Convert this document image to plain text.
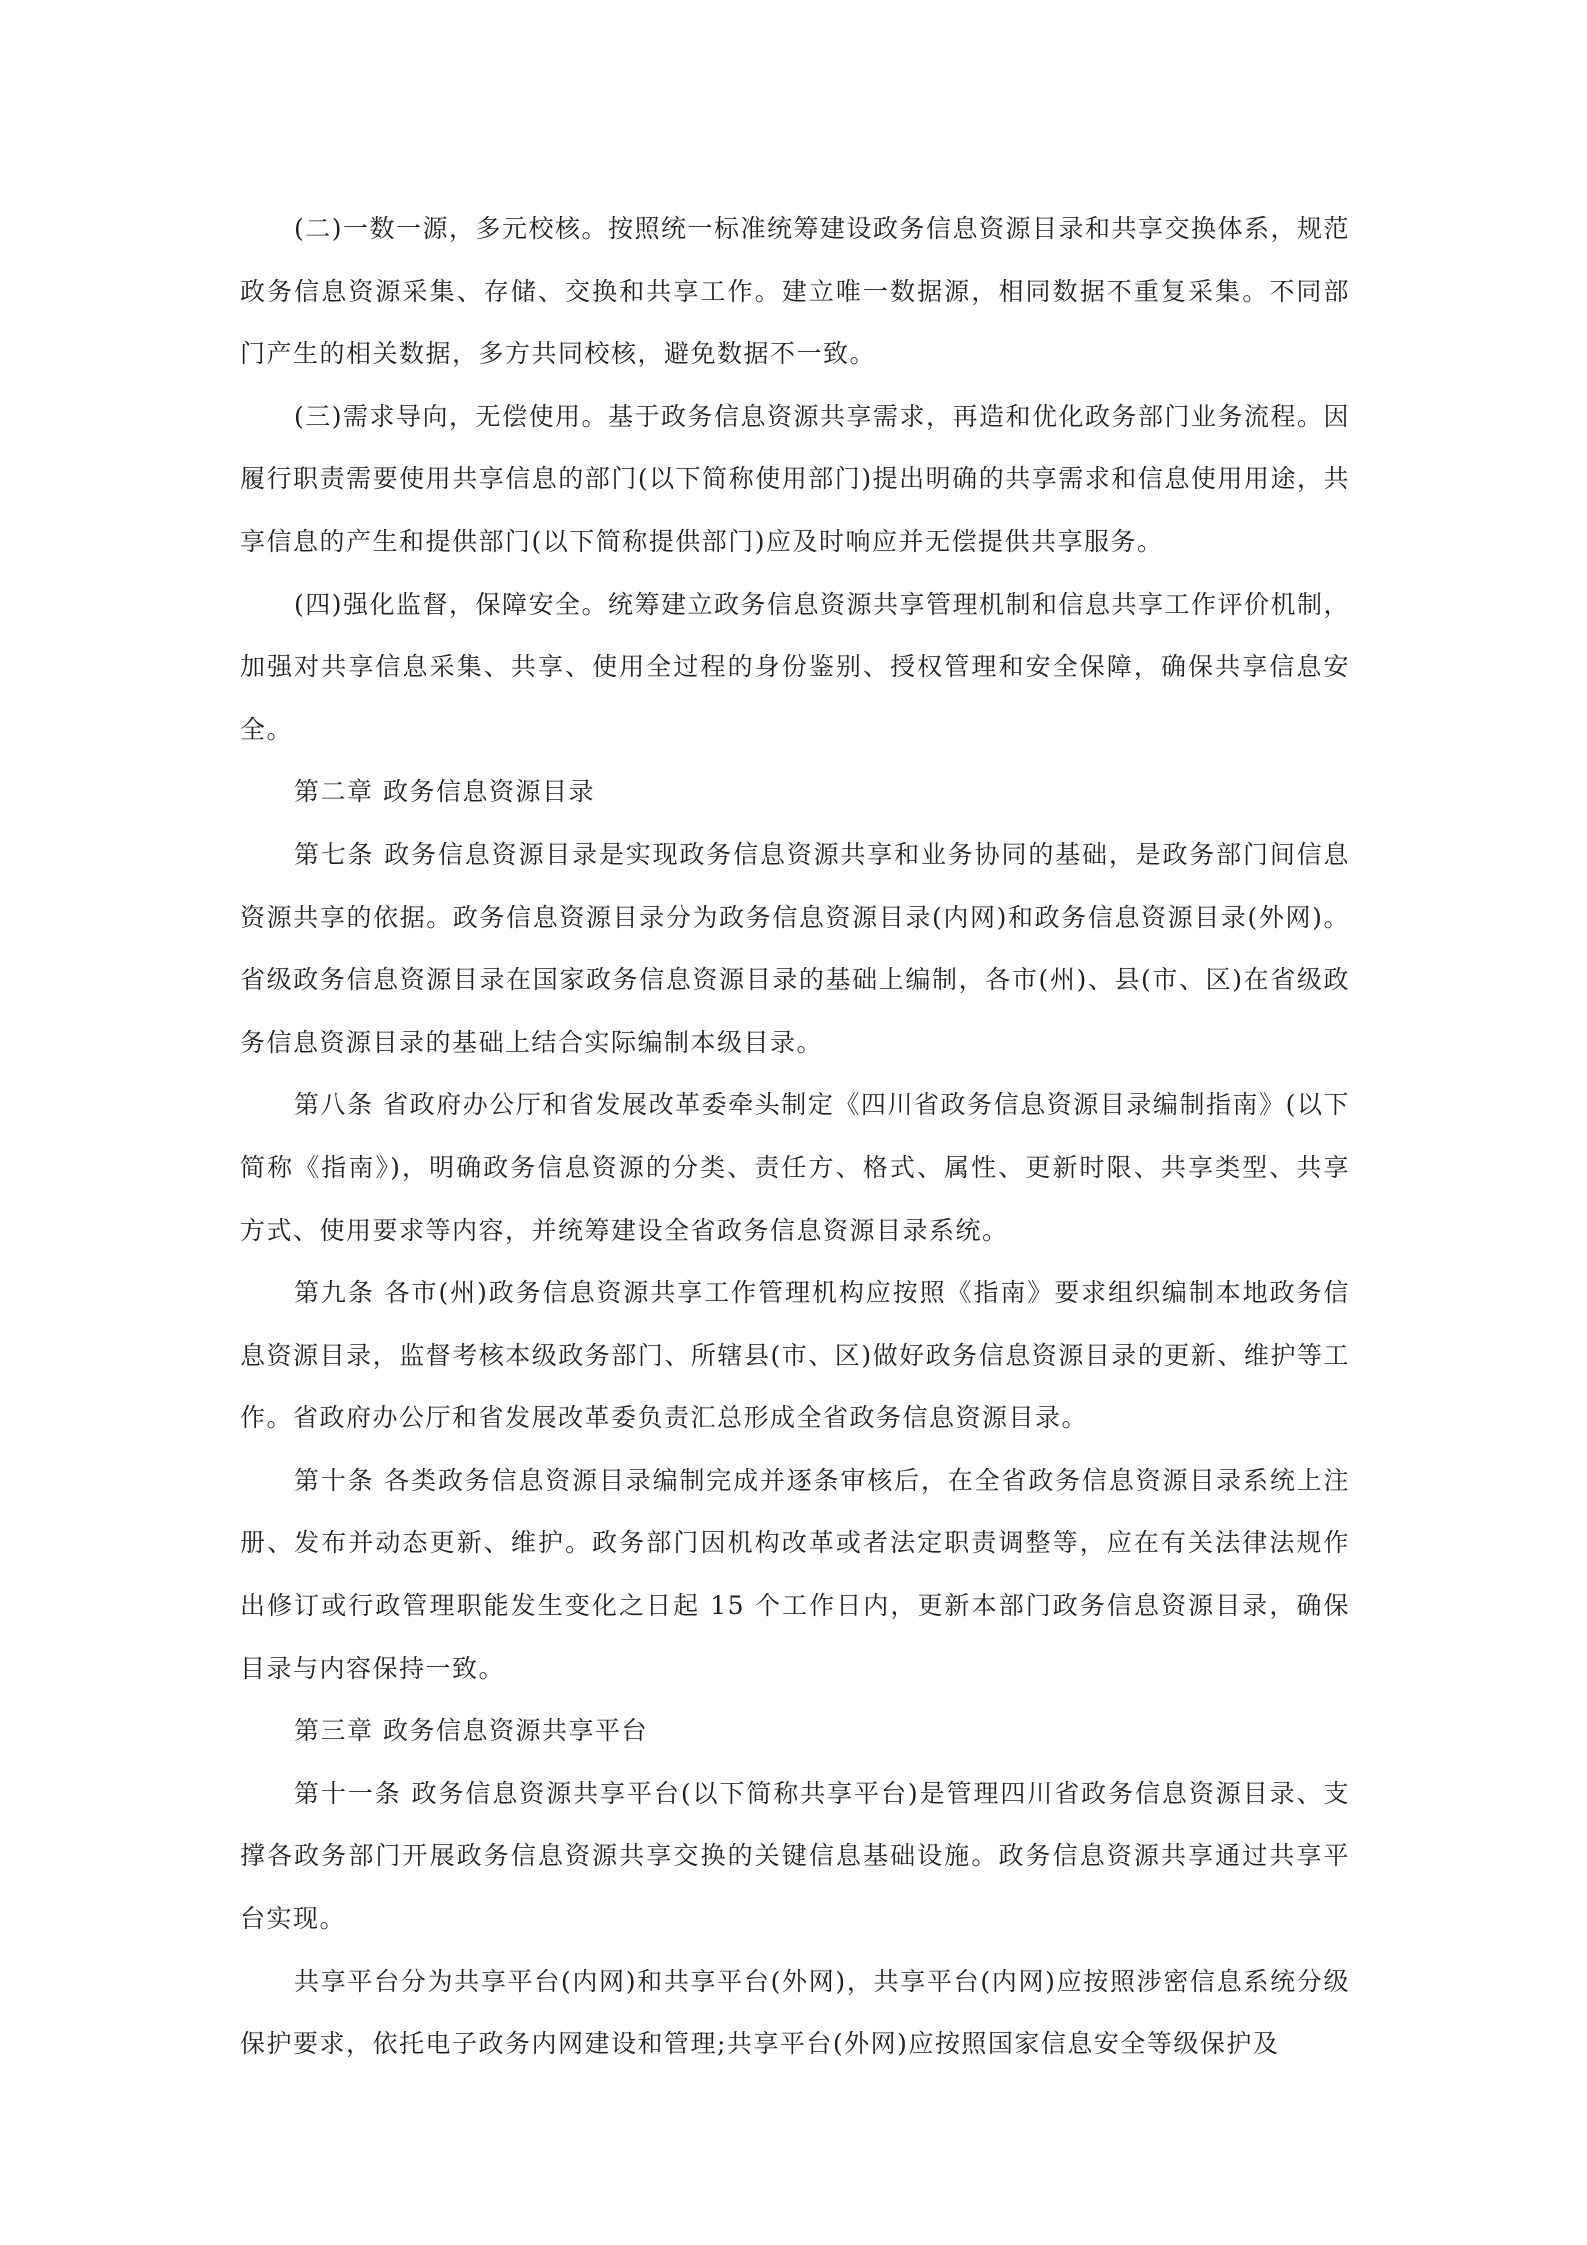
(二)一数一源，多元校核。按照统一标准统筹建设政务信息资源目录和共享交换体系，规范政务信息资源采集、存储、交换和共享工作。建立唯一数据源，相同数据不重复采集。不同部门产生的相关数据，多方共同校核，避免数据不一致。

(三)需求导向，无偿使用。基于政务信息资源共享需求，再造和优化政务部门业务流程。因履行职责需要使用共享信息的部门(以下简称使用部门)提出明确的共享需求和信息使用用途，共享信息的产生和提供部门(以下简称提供部门)应及时响应并无偿提供共享服务。

(四)强化监督，保障安全。统筹建立政务信息资源共享管理机制和信息共享工作评价机制，加强对共享信息采集、共享、使用全过程的身份鉴别、授权管理和安全保障，确保共享信息安全。

第二章 政务信息资源目录

第七条 政务信息资源目录是实现政务信息资源共享和业务协同的基础，是政务部门间信息资源共享的依据。政务信息资源目录分为政务信息资源目录(内网)和政务信息资源目录(外网)。省级政务信息资源目录在国家政务信息资源目录的基础上编制，各市(州)、县(市、区)在省级政务信息资源目录的基础上结合实际编制本级目录。

第八条 省政府办公厅和省发展改革委牵头制定《四川省政务信息资源目录编制指南》(以下简称《指南》)，明确政务信息资源的分类、责任方、格式、属性、更新时限、共享类型、共享方式、使用要求等内容，并统筹建设全省政务信息资源目录系统。

第九条 各市(州)政务信息资源共享工作管理机构应按照《指南》要求组织编制本地政务信息资源目录，监督考核本级政务部门、所辖县(市、区)做好政务信息资源目录的更新、维护等工作。省政府办公厅和省发展改革委负责汇总形成全省政务信息资源目录。

第十条 各类政务信息资源目录编制完成并逐条审核后，在全省政务信息资源目录系统上注册、发布并动态更新、维护。政务部门因机构改革或者法定职责调整等，应在有关法律法规作出修订或行政管理职能发生变化之日起 15 个工作日内，更新本部门政务信息资源目录，确保目录与内容保持一致。

第三章 政务信息资源共享平台

第十一条 政务信息资源共享平台(以下简称共享平台)是管理四川省政务信息资源目录、支撑各政务部门开展政务信息资源共享交换的关键信息基础设施。政务信息资源共享通过共享平台实现。

共享平台分为共享平台(内网)和共享平台(外网)，共享平台(内网)应按照涉密信息系统分级保护要求，依托电子政务内网建设和管理;共享平台(外网)应按照国家信息安全等级保护及
